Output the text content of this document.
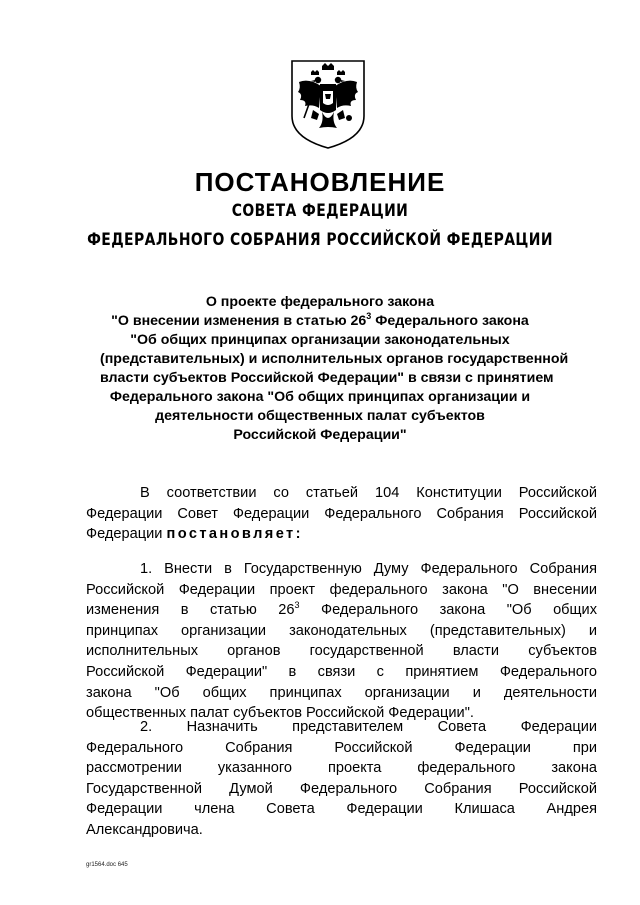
ПОСТАНОВЛЕНИЕ
СОВЕТА ФЕДЕРАЦИИ
ФЕДЕРАЛЬНОГО СОБРАНИЯ РОССИЙСКОЙ ФЕДЕРАЦИИ
О проекте федерального закона
"О внесении изменения в статью $26^3$ Федерального закона
"Об общих принципах организации законодательных
(представительных) и исполнительных органов государственной
власти субъектов Российской Федерации" в связи с принятием
Федерального закона "Об общих принципах организации и
деятельности общественных палат субъектов
Российской Федерации"
В соответствии со статьей 104 Конституции Российской
Федерации Совет Федерации Федерального Собрания Российской
Федерации постановляет:
1. Внести в Государственную Думу Федерального Собрания
Российской Федерации проект федерального закона "О внесении
изменения в статью $26^3$ Федерального закона "Об общих
принципах организации законодательных (представительных) и
исполнительных органов государственной власти субъектов
Российской Федерации" в связи с принятием Федерального
закона "Об общих принципах организации и деятельности
общественных палат субъектов Российской Федерации".
2. Назначить представителем Совета Федерации
Федерального Собрания Российской Федерации при
рассмотрении указанного проекта федерального закона
Государственной Думой Федерального Собрания Российской
Федерации члена Совета Федерации Клишаса Андрея
Александровича.
gr1564.doc 645
